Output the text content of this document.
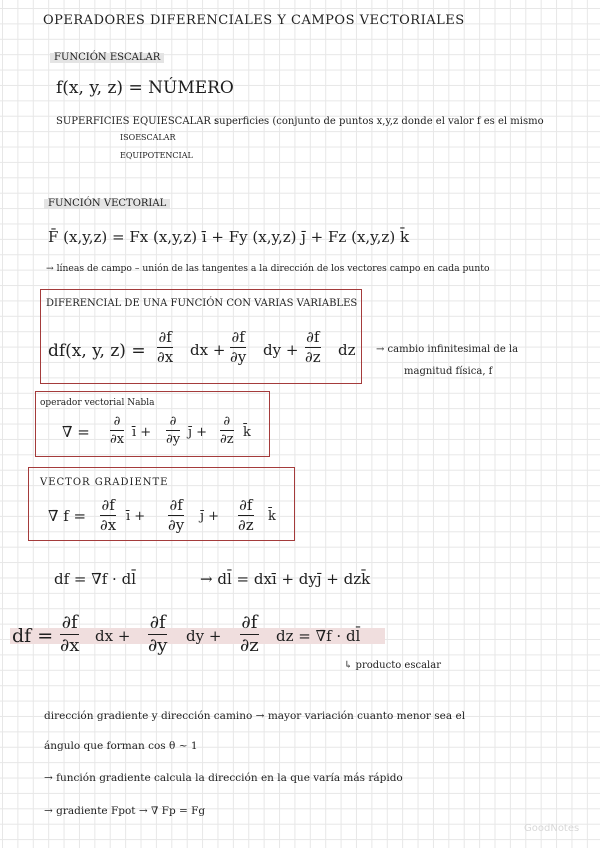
OPERADORES DIFERENCIALES Y CAMPOS VECTORIALES
FUNCIÓN ESCALAR
f(x, y, z) = NÚMERO
SUPERFICIES EQUIESCALAR :
superficies (conjunto de puntos x,y,z donde el valor f es el mismo
ISOESCALAR
EQUIPOTENCIAL
FUNCIÓN VECTORIAL
F̄ (x,y,z) = Fx (x,y,z) ī + Fy (x,y,z) j̄ + Fz (x,y,z) k̄
→ líneas de campo – unión de las tangentes a la dirección de los vectores campo en cada punto
DIFERENCIAL DE UNA FUNCIÓN CON VARIAS VARIABLES
df(x, y, z) =
∂f
∂x dx +
∂f
∂y dy +
∂f
∂z dz → cambio infinitesimal de la
magnitud física, f
operador vectorial Nabla
∇̄ =
∂
∂x ī +
∂
∂y j̄ +
∂
∂z k̄
VECTOR GRADIENTE
∇̄ f =
∂f
∂x ī +
∂f
∂y j̄ +
∂f
∂z k̄
df = ∇̄f · dl̄	→ dl̄ = dxī + dyj̄ + dzk̄
df =
∂f
∂x dx +
∂f
∂y dy +
∂f
∂z dz = ∇̄f · dl̄
↳ producto escalar
dirección gradiente y dirección camino → mayor variación cuanto menor sea el
ángulo que forman cos θ ~ 1
→ función gradiente calcula la dirección en la que varía más rápido
→ gradiente Fpot → ∇̄ Fp = Fg
GoodNotes
